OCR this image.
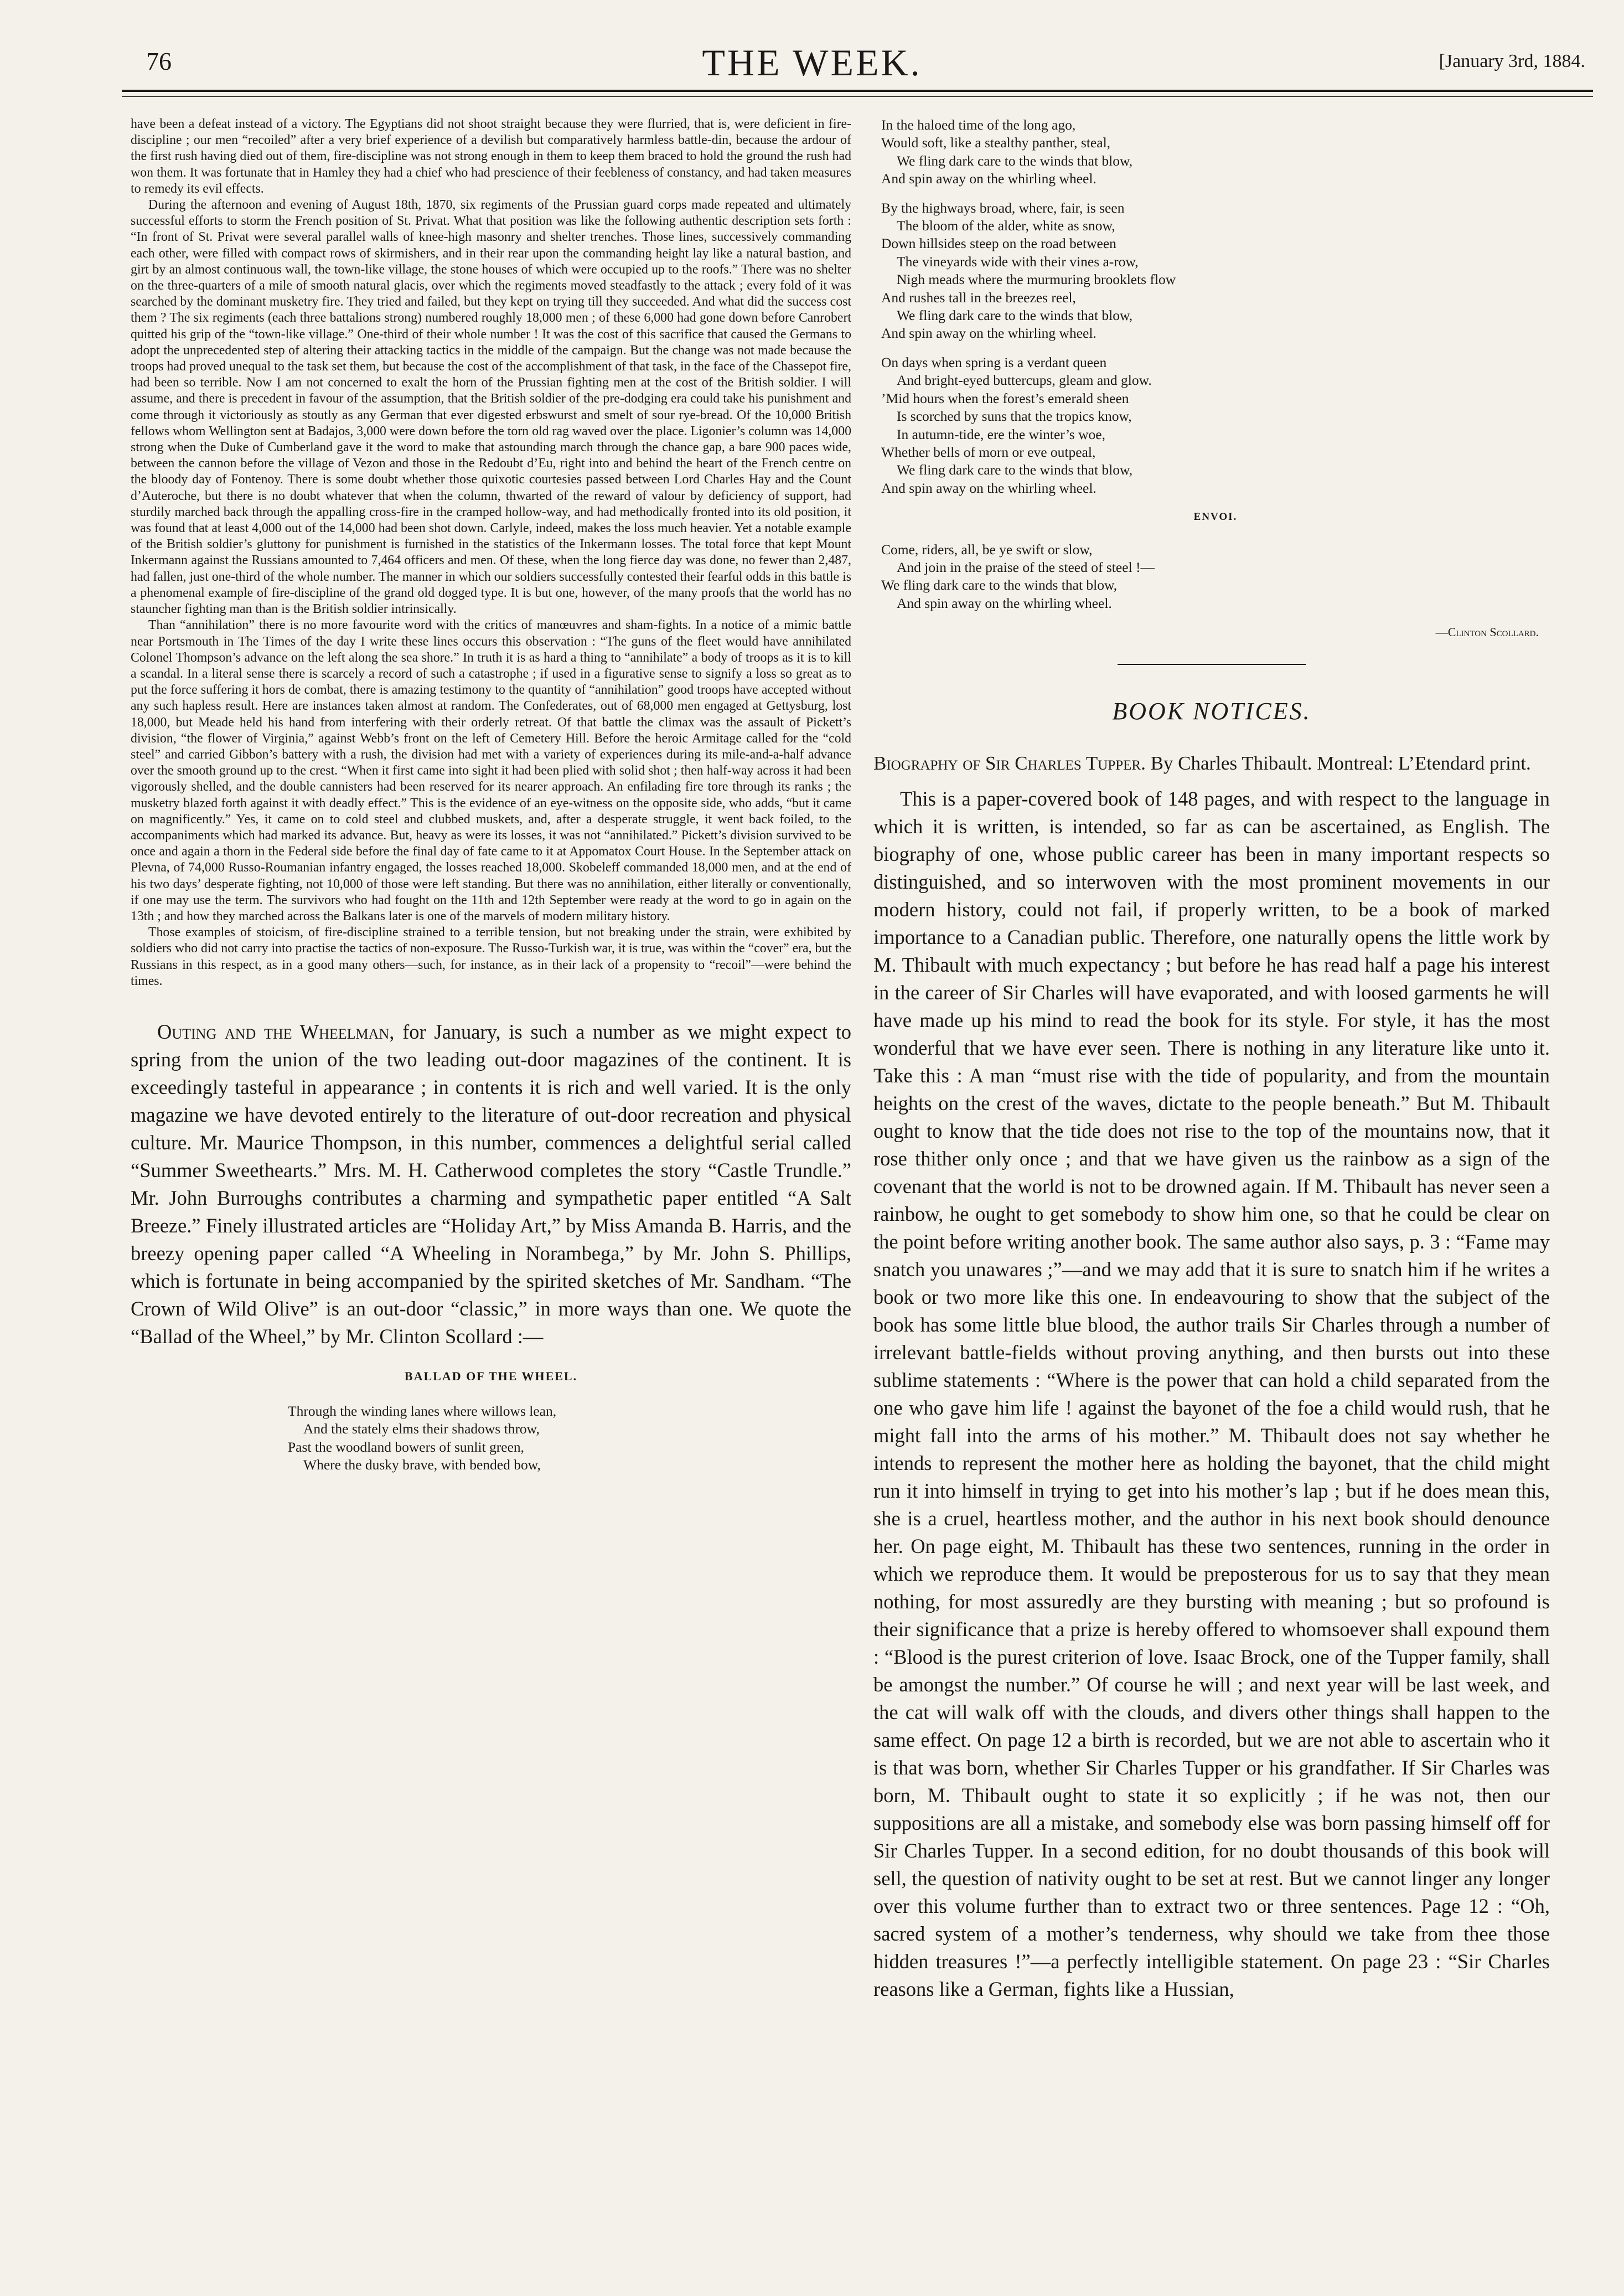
76	THE WEEK.	[January 3rd, 1884.

have been a defeat instead of a victory. The Egyptians did not shoot straight because they were flurried, that is, were deficient in fire-discipline ; our men “recoiled” after a very brief experience of a devilish but comparatively harmless battle-din, because the ardour of the first rush having died out of them, fire-discipline was not strong enough in them to keep them braced to hold the ground the rush had won them. It was fortunate that in Hamley they had a chief who had prescience of their feebleness of constancy, and had taken measures to remedy its evil effects.

During the afternoon and evening of August 18th, 1870, six regiments of the Prussian guard corps made repeated and ultimately successful efforts to storm the French position of St. Privat. What that position was like the following authentic description sets forth : “In front of St. Privat were several parallel walls of knee-high masonry and shelter trenches. Those lines, successively commanding each other, were filled with compact rows of skirmishers, and in their rear upon the commanding height lay like a natural bastion, and girt by an almost continuous wall, the town-like village, the stone houses of which were occupied up to the roofs.” There was no shelter on the three-quarters of a mile of smooth natural glacis, over which the regiments moved steadfastly to the attack ; every fold of it was searched by the dominant musketry fire. They tried and failed, but they kept on trying till they succeeded. And what did the success cost them ? The six regiments (each three battalions strong) numbered roughly 18,000 men ; of these 6,000 had gone down before Canrobert quitted his grip of the “town-like village.” One-third of their whole number ! It was the cost of this sacrifice that caused the Germans to adopt the unprecedented step of altering their attacking tactics in the middle of the campaign. But the change was not made because the troops had proved unequal to the task set them, but because the cost of the accomplishment of that task, in the face of the Chassepot fire, had been so terrible. Now I am not concerned to exalt the horn of the Prussian fighting men at the cost of the British soldier. I will assume, and there is precedent in favour of the assumption, that the British soldier of the pre-dodging era could take his punishment and come through it victoriously as stoutly as any German that ever digested erbswurst and smelt of sour rye-bread. Of the 10,000 British fellows whom Wellington sent at Badajos, 3,000 were down before the torn old rag waved over the place. Ligonier’s column was 14,000 strong when the Duke of Cumberland gave it the word to make that astounding march through the chance gap, a bare 900 paces wide, between the cannon before the village of Vezon and those in the Redoubt d’Eu, right into and behind the heart of the French centre on the bloody day of Fontenoy. There is some doubt whether those quixotic courtesies passed between Lord Charles Hay and the Count d’Auteroche, but there is no doubt whatever that when the column, thwarted of the reward of valour by deficiency of support, had sturdily marched back through the appalling cross-fire in the cramped hollow-way, and had methodically fronted into its old position, it was found that at least 4,000 out of the 14,000 had been shot down. Carlyle, indeed, makes the loss much heavier. Yet a notable example of the British soldier’s gluttony for punishment is furnished in the statistics of the Inkermann losses. The total force that kept Mount Inkermann against the Russians amounted to 7,464 officers and men. Of these, when the long fierce day was done, no fewer than 2,487, had fallen, just one-third of the whole number. The manner in which our soldiers successfully contested their fearful odds in this battle is a phenomenal example of fire-discipline of the grand old dogged type. It is but one, however, of the many proofs that the world has no stauncher fighting man than is the British soldier intrinsically.

Than “annihilation” there is no more favourite word with the critics of manœuvres and sham-fights. In a notice of a mimic battle near Portsmouth in The Times of the day I write these lines occurs this observation : “The guns of the fleet would have annihilated Colonel Thompson’s advance on the left along the sea shore.” In truth it is as hard a thing to “annihilate” a body of troops as it is to kill a scandal. In a literal sense there is scarcely a record of such a catastrophe ; if used in a figurative sense to signify a loss so great as to put the force suffering it hors de combat, there is amazing testimony to the quantity of “annihilation” good troops have accepted without any such hapless result. Here are instances taken almost at random. The Confederates, out of 68,000 men engaged at Gettysburg, lost 18,000, but Meade held his hand from interfering with their orderly retreat. Of that battle the climax was the assault of Pickett’s division, “the flower of Virginia,” against Webb’s front on the left of Cemetery Hill. Before the heroic Armitage called for the “cold steel” and carried Gibbon’s battery with a rush, the division had met with a variety of experiences during its mile-and-a-half advance over the smooth ground up to the crest. “When it first came into sight it had been plied with solid shot ; then half-way across it had been vigorously shelled, and the double cannisters had been reserved for its nearer approach. An enfilading fire tore through its ranks ; the musketry blazed forth against it with deadly effect.” This is the evidence of an eye-witness on the opposite side, who adds, “but it came on magnificently.” Yes, it came on to cold steel and clubbed muskets, and, after a desperate struggle, it went back foiled, to the accompaniments which had marked its advance. But, heavy as were its losses, it was not “annihilated.” Pickett’s division survived to be once and again a thorn in the Federal side before the final day of fate came to it at Appomatox Court House. In the September attack on Plevna, of 74,000 Russo-Roumanian infantry engaged, the losses reached 18,000. Skobeleff commanded 18,000 men, and at the end of his two days’ desperate fighting, not 10,000 of those were left standing. But there was no annihilation, either literally or conventionally, if one may use the term. The survivors who had fought on the 11th and 12th September were ready at the word to go in again on the 13th ; and how they marched across the Balkans later is one of the marvels of modern military history.

Those examples of stoicism, of fire-discipline strained to a terrible tension, but not breaking under the strain, were exhibited by soldiers who did not carry into practise the tactics of non-exposure. The Russo-Turkish war, it is true, was within the “cover” era, but the Russians in this respect, as in a good many others—such, for instance, as in their lack of a propensity to “recoil”—were behind the times.

Outing and the Wheelman, for January, is such a number as we might expect to spring from the union of the two leading out-door magazines of the continent. It is exceedingly tasteful in appearance ; in contents it is rich and well varied. It is the only magazine we have devoted entirely to the literature of out-door recreation and physical culture. Mr. Maurice Thompson, in this number, commences a delightful serial called “Summer Sweethearts.” Mrs. M. H. Catherwood completes the story “Castle Trundle.” Mr. John Burroughs contributes a charming and sympathetic paper entitled “A Salt Breeze.” Finely illustrated articles are “Holiday Art,” by Miss Amanda B. Harris, and the breezy opening paper called “A Wheeling in Norambega,” by Mr. John S. Phillips, which is fortunate in being accompanied by the spirited sketches of Mr. Sandham. “The Crown of Wild Olive” is an out-door “classic,” in more ways than one. We quote the “Ballad of the Wheel,” by Mr. Clinton Scollard :—

BALLAD OF THE WHEEL.
Through the winding lanes where willows lean,
And the stately elms their shadows throw,
Past the woodland bowers of sunlit green,
Where the dusky brave, with bended bow,
In the haloed time of the long ago,
Would soft, like a stealthy panther, steal,
We fling dark care to the winds that blow,
And spin away on the whirling wheel.
By the highways broad, where, fair, is seen
The bloom of the alder, white as snow,
Down hillsides steep on the road between
The vineyards wide with their vines a-row,
Nigh meads where the murmuring brooklets flow
And rushes tall in the breezes reel,
We fling dark care to the winds that blow,
And spin away on the whirling wheel.
On days when spring is a verdant queen
And bright-eyed buttercups, gleam and glow.
’Mid hours when the forest’s emerald sheen
Is scorched by suns that the tropics know,
In autumn-tide, ere the winter’s woe,
Whether bells of morn or eve outpeal,
We fling dark care to the winds that blow,
And spin away on the whirling wheel.
ENVOI.
Come, riders, all, be ye swift or slow,
And join in the praise of the steed of steel !—
We fling dark care to the winds that blow,
And spin away on the whirling wheel.
—Clinton Scollard.
BOOK NOTICES.
Biography of Sir Charles Tupper. By Charles Thibault. Montreal: L’Etendard print.

This is a paper-covered book of 148 pages, and with respect to the language in which it is written, is intended, so far as can be ascertained, as English. The biography of one, whose public career has been in many important respects so distinguished, and so interwoven with the most prominent movements in our modern history, could not fail, if properly written, to be a book of marked importance to a Canadian public. Therefore, one naturally opens the little work by M. Thibault with much expectancy ; but before he has read half a page his interest in the career of Sir Charles will have evaporated, and with loosed garments he will have made up his mind to read the book for its style. For style, it has the most wonderful that we have ever seen. There is nothing in any literature like unto it. Take this : A man “must rise with the tide of popularity, and from the mountain heights on the crest of the waves, dictate to the people beneath.” But M. Thibault ought to know that the tide does not rise to the top of the mountains now, that it rose thither only once ; and that we have given us the rainbow as a sign of the covenant that the world is not to be drowned again. If M. Thibault has never seen a rainbow, he ought to get somebody to show him one, so that he could be clear on the point before writing another book. The same author also says, p. 3 : “Fame may snatch you unawares ;”—and we may add that it is sure to snatch him if he writes a book or two more like this one. In endeavouring to show that the subject of the book has some little blue blood, the author trails Sir Charles through a number of irrelevant battle-fields without proving anything, and then bursts out into these sublime statements : “Where is the power that can hold a child separated from the one who gave him life ! against the bayonet of the foe a child would rush, that he might fall into the arms of his mother.” M. Thibault does not say whether he intends to represent the mother here as holding the bayonet, that the child might run it into himself in trying to get into his mother’s lap ; but if he does mean this, she is a cruel, heartless mother, and the author in his next book should denounce her. On page eight, M. Thibault has these two sentences, running in the order in which we reproduce them. It would be preposterous for us to say that they mean nothing, for most assuredly are they bursting with meaning ; but so profound is their significance that a prize is hereby offered to whomsoever shall expound them : “Blood is the purest criterion of love. Isaac Brock, one of the Tupper family, shall be amongst the number.” Of course he will ; and next year will be last week, and the cat will walk off with the clouds, and divers other things shall happen to the same effect. On page 12 a birth is recorded, but we are not able to ascertain who it is that was born, whether Sir Charles Tupper or his grandfather. If Sir Charles was born, M. Thibault ought to state it so explicitly ; if he was not, then our suppositions are all a mistake, and somebody else was born passing himself off for Sir Charles Tupper. In a second edition, for no doubt thousands of this book will sell, the question of nativity ought to be set at rest. But we cannot linger any longer over this volume further than to extract two or three sentences. Page 12 : “Oh, sacred system of a mother’s tenderness, why should we take from thee those hidden treasures !”—a perfectly intelligible statement. On page 23 : “Sir Charles reasons like a German, fights like a Hussian,
